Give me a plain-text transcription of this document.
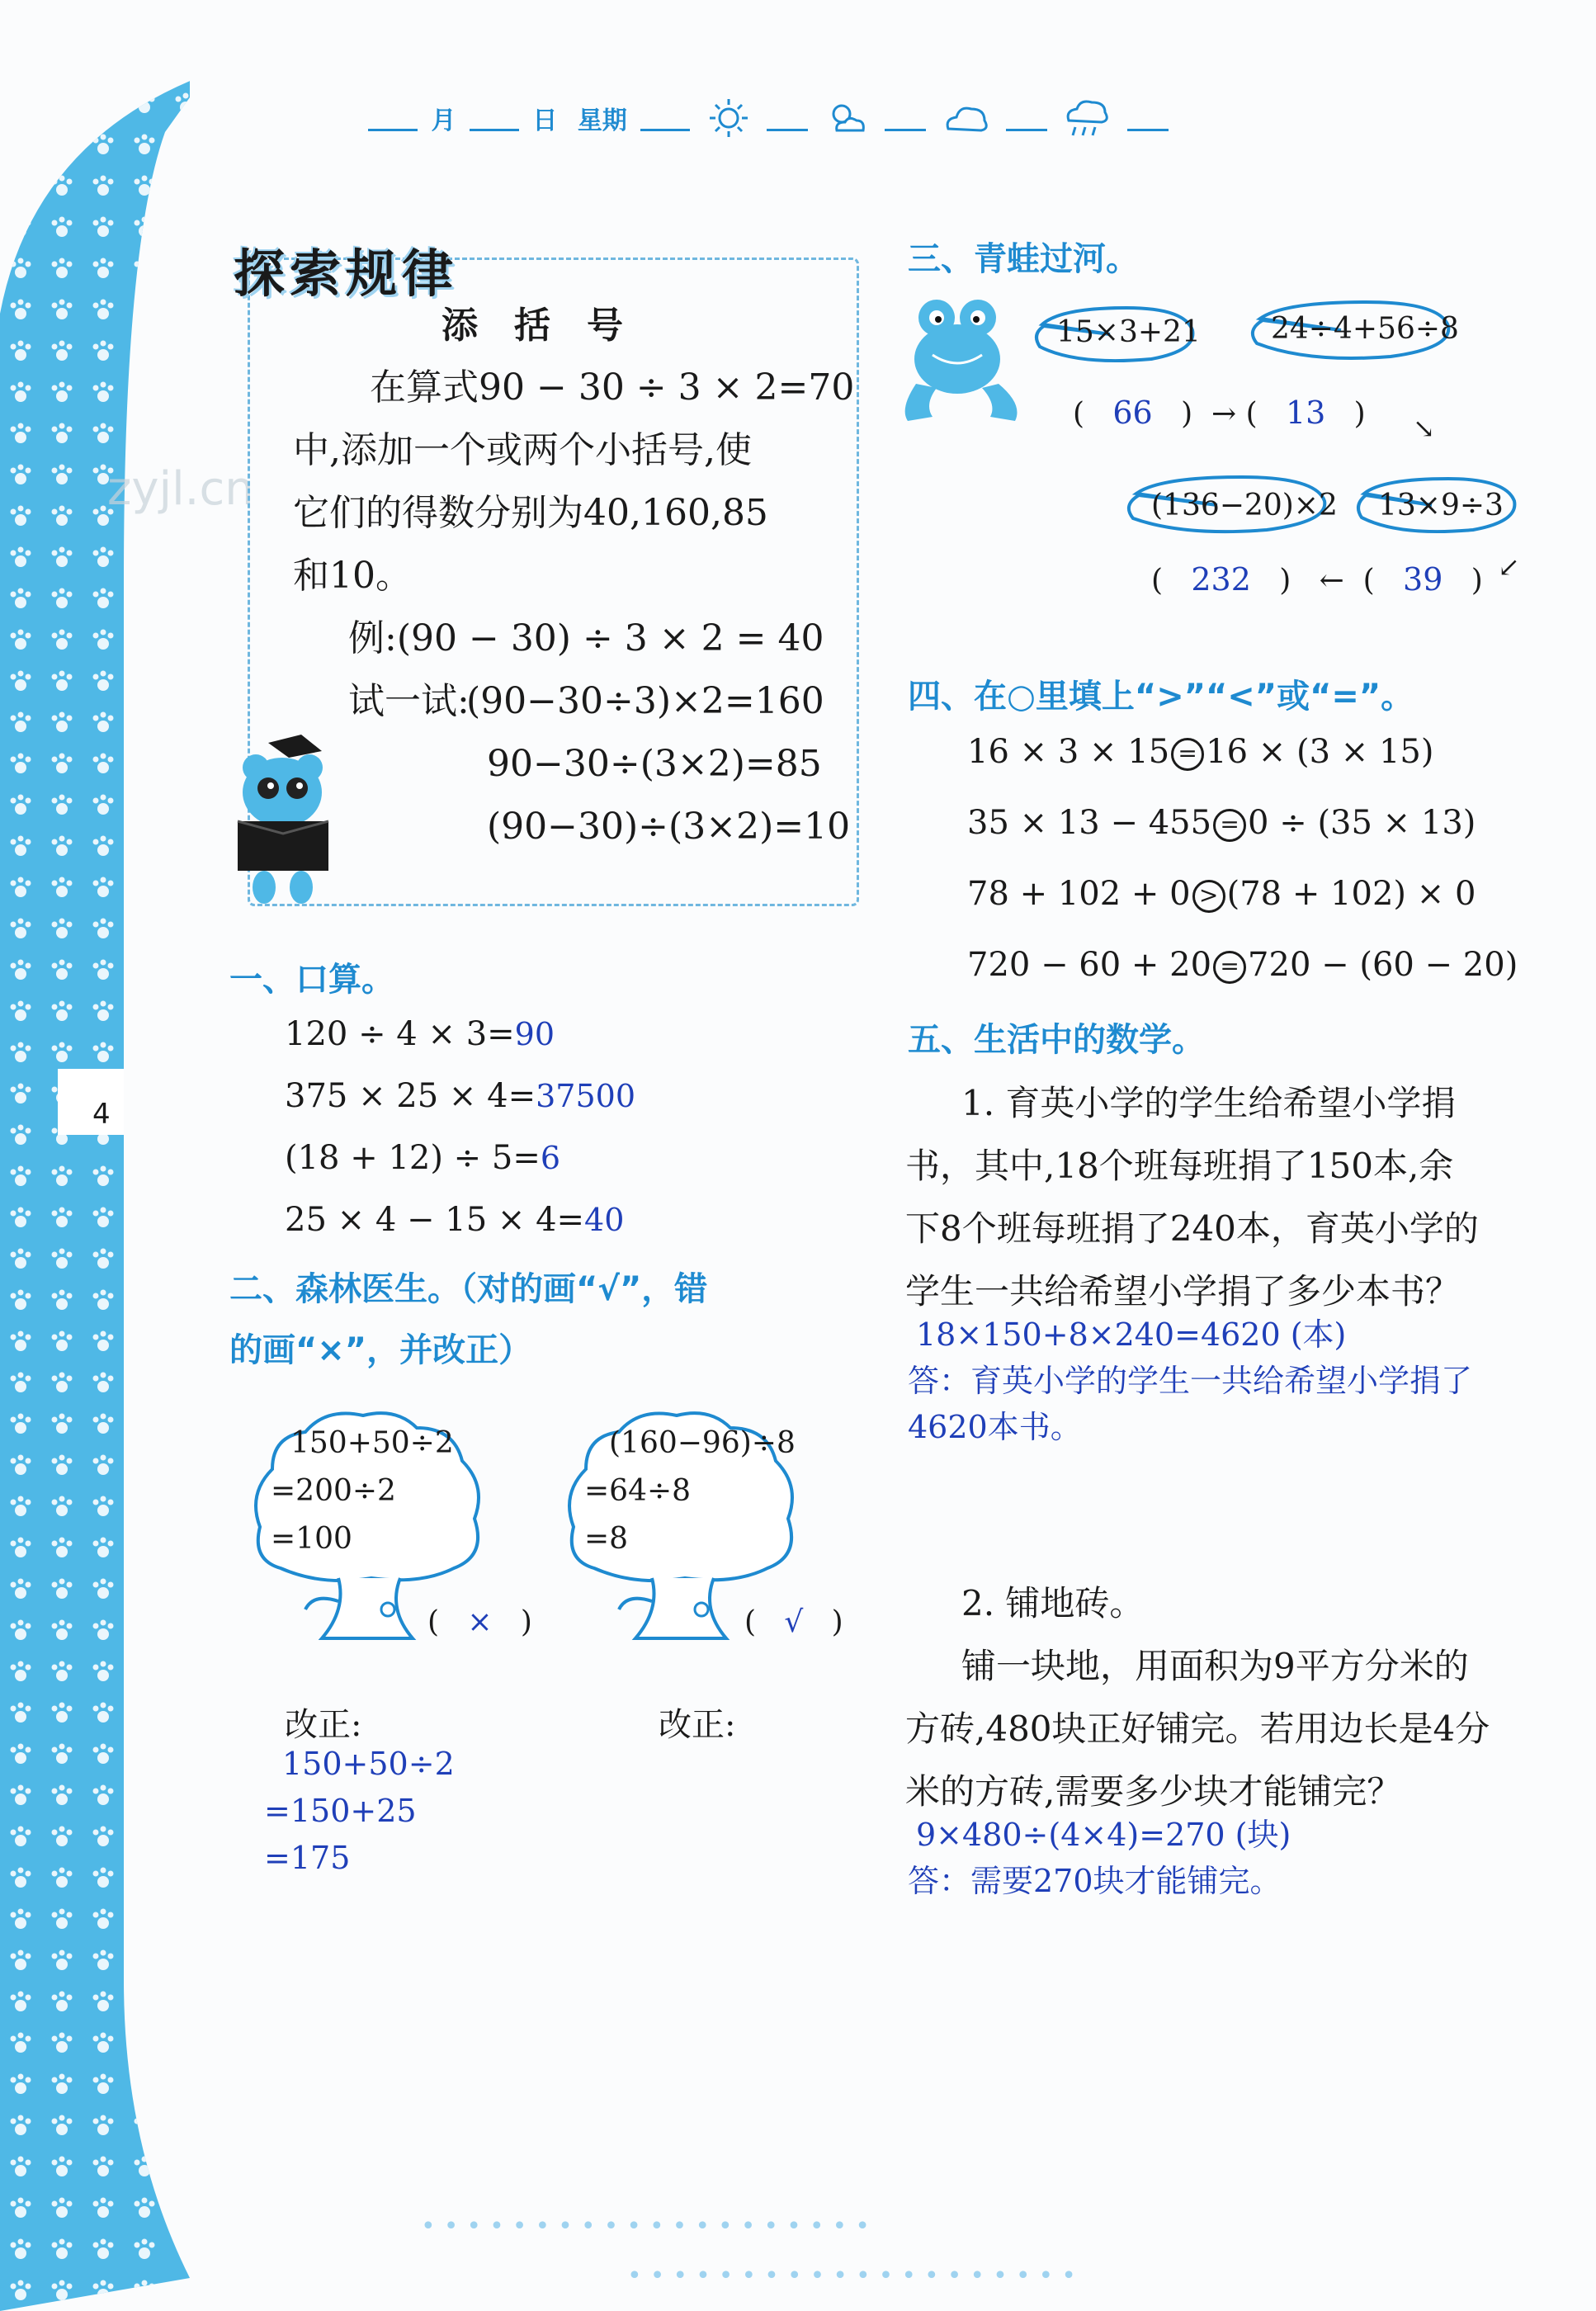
4
zyjl.cn
月	日 星期
探索规律
添　括　号
在算式90 − 30 ÷ 3 × 2=70
中,添加一个或两个小括号,使
它们的得数分别为40,160,85
和10。
例:(90 − 30) ÷ 3 × 2 = 40
试一试:
(90−30÷3)×2=160
90−30÷(3×2)=85
(90−30)÷(3×2)=10
一、口算。
120 ÷ 4 × 3=90
375 × 25 × 4=37500
(18 + 12) ÷ 5=6
25 × 4 − 15 × 4=40
二、森林医生。（对的画“√”，错
的画“×”，并改正）
150+50÷2
=200÷2
=100
(   ×   )
(160−96)÷8
=64÷8
=8
(   √   )
改正:	改正:
150+50÷2
=150+25
=175
三、青蛙过河。
15×3+21 24÷4+56÷8
(136−20)×2 13×9÷3
(   66   )  → (   13   ) ↘
(   232   )   ←  (   39   ) ↙
四、在○里填上“>”“<”或“=”。
16 × 3 × 15 = 16 × (3 × 15)
35 × 13 − 455 = 0 ÷ (35 × 13)
78 + 102 + 0 > (78 + 102) × 0
720 − 60 + 20 = 720 − (60 − 20)
五、生活中的数学。
1. 育英小学的学生给希望小学捐
书，其中,18个班每班捐了150本,余
下8个班每班捐了240本，育英小学的
学生一共给希望小学捐了多少本书？
18×150+8×240=4620 (本)
答：育英小学的学生一共给希望小学捐了
4620本书。
2. 铺地砖。
铺一块地，用面积为9平方分米的
方砖,480块正好铺完。若用边长是4分
米的方砖,需要多少块才能铺完？
9×480÷(4×4)=270 (块)
答：需要270块才能铺完。
••••••••••••••••••••
••••••••••••••••••••
